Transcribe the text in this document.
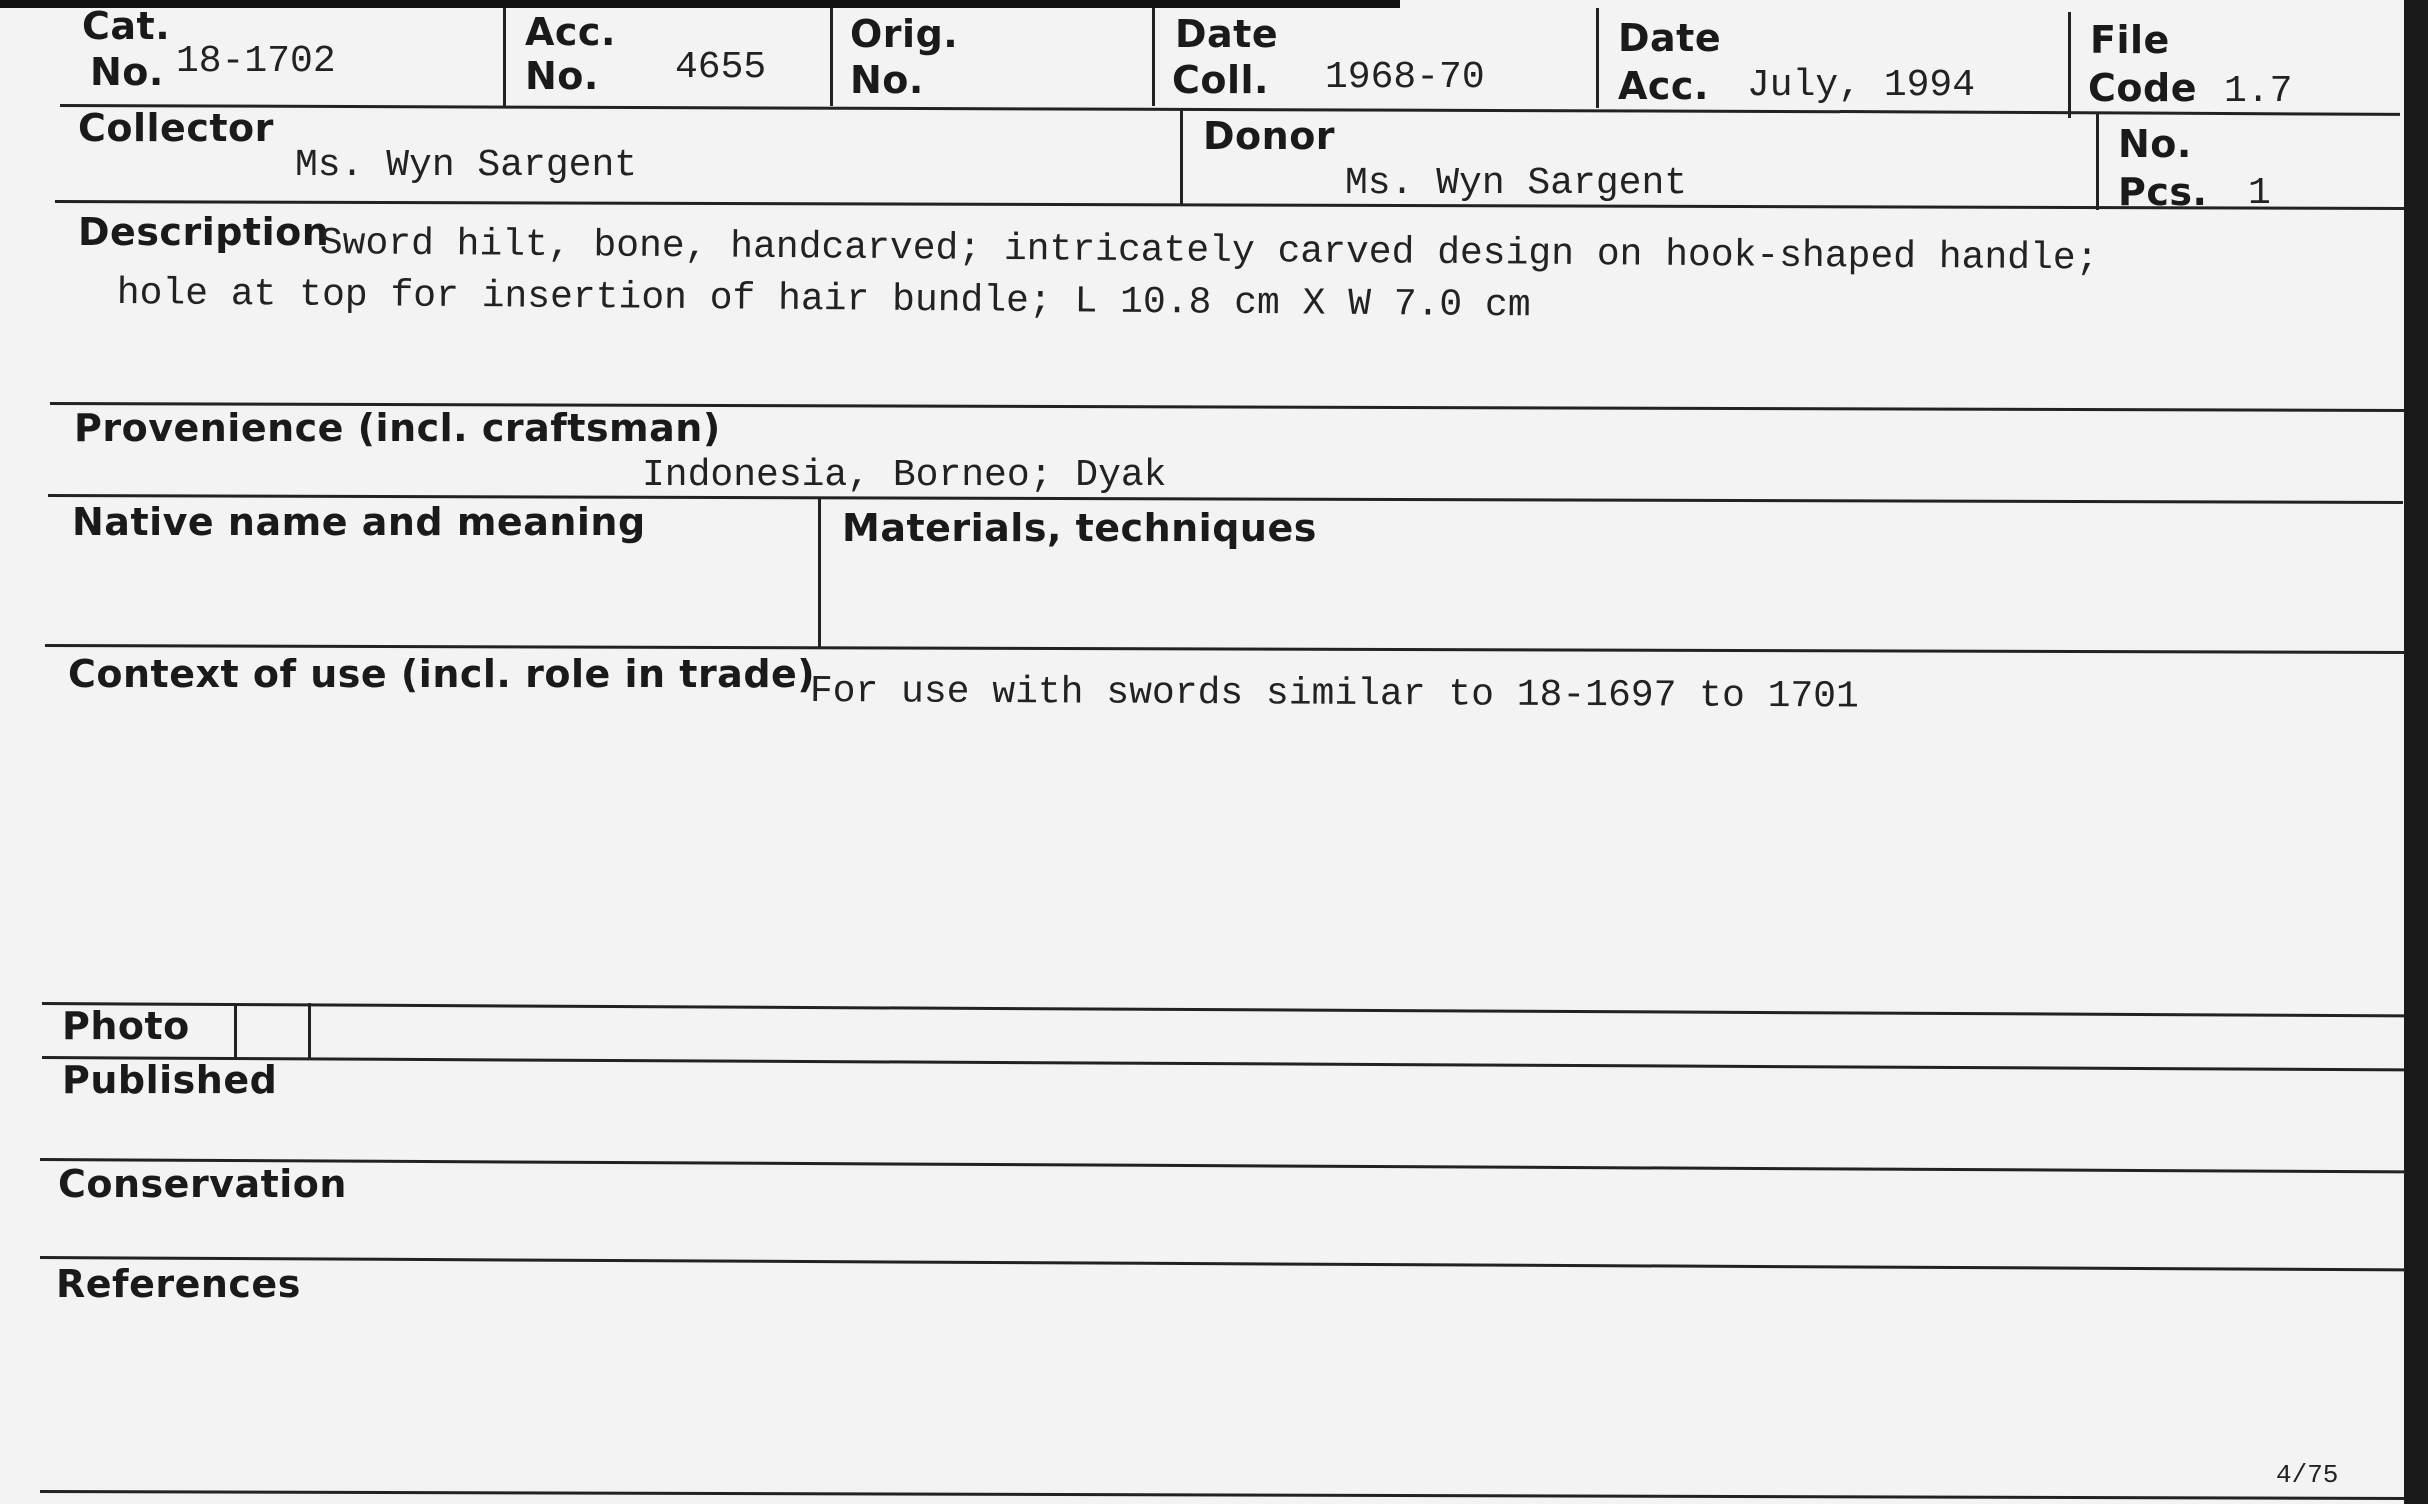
Cat.
No. 18-1702
Acc.
No. 4655
Orig.
No.
Date
Coll. 1968-70
Date
Acc. July, 1994
File
Code 1.7
Collector
Ms. Wyn Sargent
Donor
Ms. Wyn Sargent
No.
Pcs. 1
Description
Sword hilt, bone, handcarved; intricately carved design on hook-shaped handle;
hole at top for insertion of hair bundle; L 10.8 cm X W 7.0 cm
Provenience (incl. craftsman)
Indonesia, Borneo; Dyak
Native name and meaning	Materials, techniques
Context of use (incl. role in trade)
For use with swords similar to 18-1697 to 1701
Photo
Published
Conservation
References
4/75
